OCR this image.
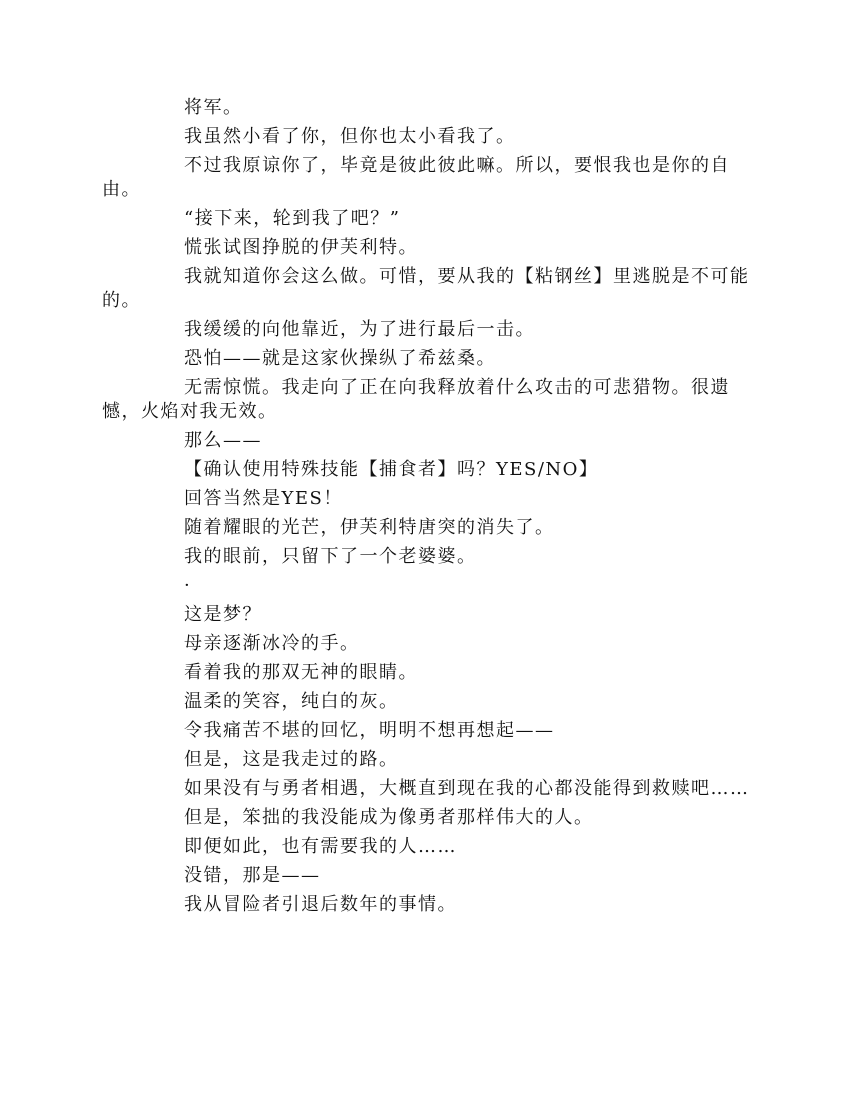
将军。

我虽然小看了你，但你也太小看我了。

不过我原谅你了，毕竟是彼此彼此嘛。所以，要恨我也是你的自由。

“接下来，轮到我了吧？”

慌张试图挣脱的伊芙利特。

我就知道你会这么做。可惜，要从我的【粘钢丝】里逃脱是不可能的。

我缓缓的向他靠近，为了进行最后一击。

恐怕——就是这家伙操纵了希兹桑。

无需惊慌。我走向了正在向我释放着什么攻击的可悲猎物。很遗憾，火焰对我无效。

那么——

【确认使用特殊技能【捕食者】吗？YES/NO】

回答当然是YES！

随着耀眼的光芒，伊芙利特唐突的消失了。

我的眼前，只留下了一个老婆婆。

·

这是梦？

母亲逐渐冰冷的手。

看着我的那双无神的眼睛。

温柔的笑容，纯白的灰。

令我痛苦不堪的回忆，明明不想再想起——

但是，这是我走过的路。

如果没有与勇者相遇，大概直到现在我的心都没能得到救赎吧……

但是，笨拙的我没能成为像勇者那样伟大的人。

即便如此，也有需要我的人……

没错，那是——

我从冒险者引退后数年的事情。
